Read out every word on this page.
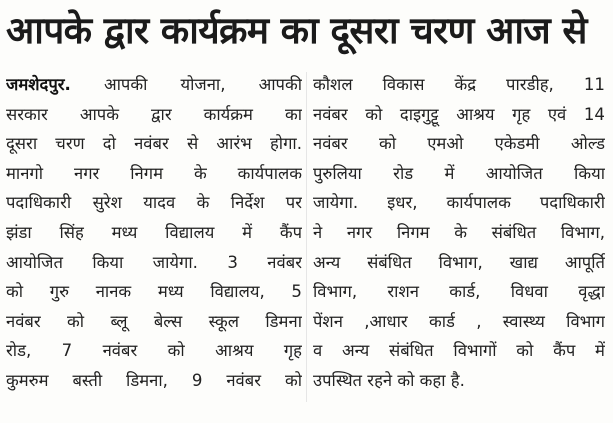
आपके द्वार कार्यक्रम का दूसरा चरण आज से
जमशेदपुर. आपकी योजना, आपकी
सरकार आपके द्वार कार्यक्रम का
दूसरा चरण दो नवंबर से आरंभ होगा.
मानगो नगर निगम के कार्यपालक
पदाधिकारी सुरेश यादव के निर्देश पर
झंडा सिंह मध्य विद्यालय में कैंप
आयोजित किया जायेगा. 3 नवंबर
को गुरु नानक मध्य विद्यालय, 5
नवंबर को ब्लू बेल्स स्कूल डिमना
रोड, 7 नवंबर को आश्रय गृह
कुमरुम बस्ती डिमना, 9 नवंबर को
कौशल विकास केंद्र पारडीह, 11
नवंबर को दाइगुट्टू आश्रय गृह एवं 14
नवंबर को एमओ एकेडमी ओल्ड
पुरुलिया रोड में आयोजित किया
जायेगा. इधर, कार्यपालक पदाधिकारी
ने नगर निगम के संबंधित विभाग,
अन्य संबंधित विभाग, खाद्य आपूर्ति
विभाग, राशन कार्ड, विधवा वृद्धा
पेंशन ,आधार कार्ड , स्वास्थ्य विभाग
व अन्य संबंधित विभागों को कैंप में
उपस्थित रहने को कहा है.
